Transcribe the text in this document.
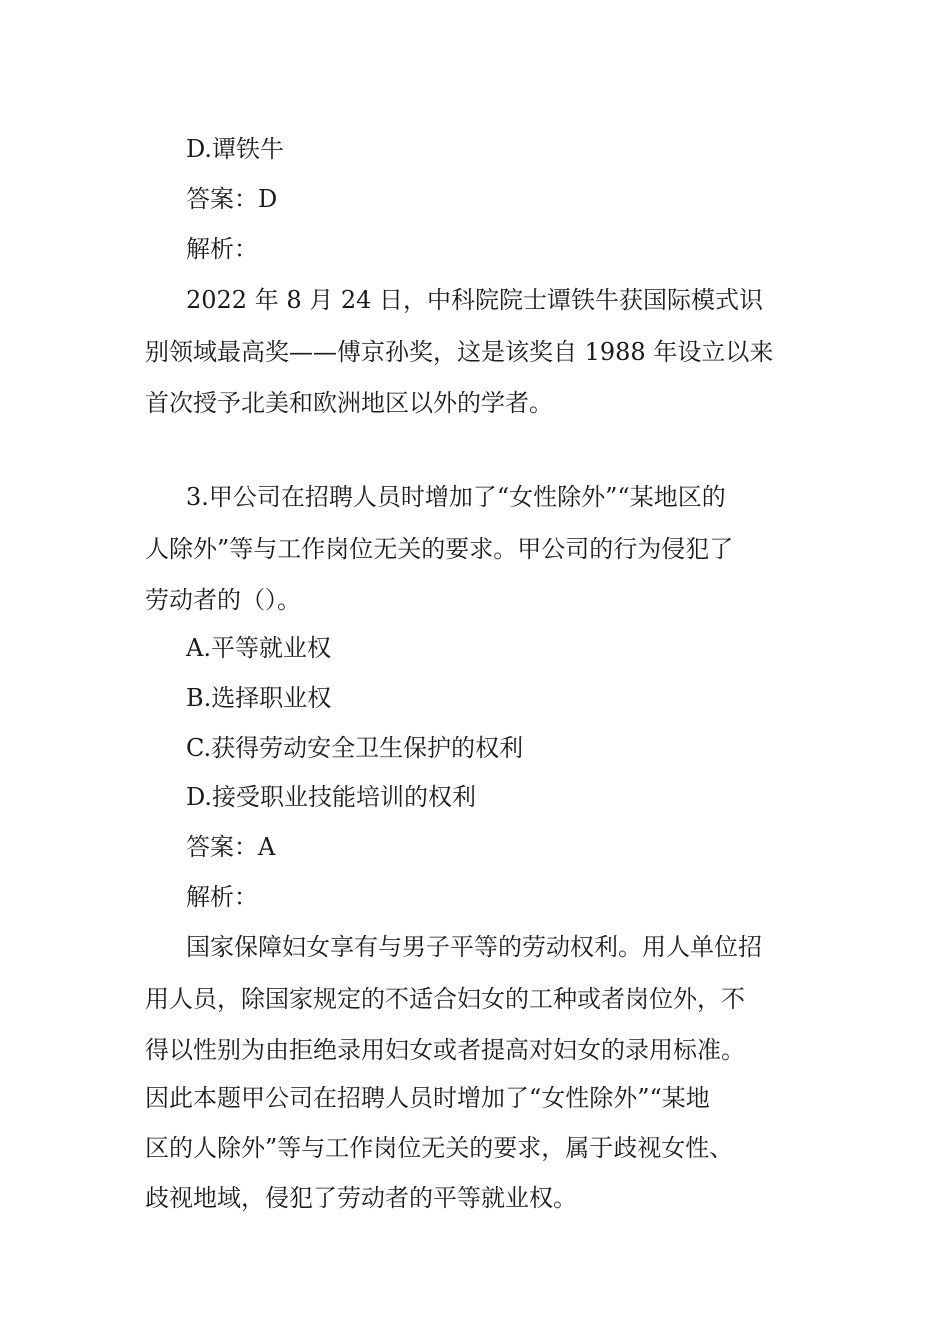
D.谭铁牛
答案：D
解析：
2022 年 8 月 24 日，中科院院士谭铁牛获国际模式识
别领域最高奖——傅京孙奖，这是该奖自 1988 年设立以来
首次授予北美和欧洲地区以外的学者。
3.甲公司在招聘人员时增加了“女性除外”“某地区的
人除外”等与工作岗位无关的要求。甲公司的行为侵犯了
劳动者的（）。
A.平等就业权
B.选择职业权
C.获得劳动安全卫生保护的权利
D.接受职业技能培训的权利
答案：A
解析：
国家保障妇女享有与男子平等的劳动权利。用人单位招
用人员，除国家规定的不适合妇女的工种或者岗位外，不
得以性别为由拒绝录用妇女或者提高对妇女的录用标准。
因此本题甲公司在招聘人员时增加了“女性除外”“某地
区的人除外”等与工作岗位无关的要求，属于歧视女性、
歧视地域，侵犯了劳动者的平等就业权。
